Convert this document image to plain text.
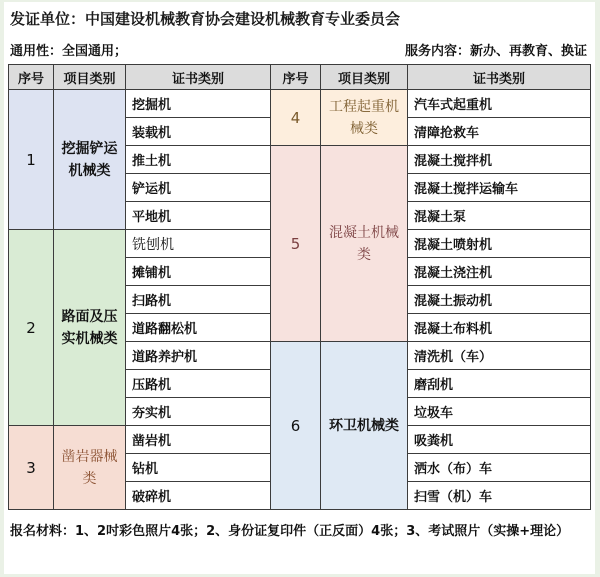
发证单位：中国建设机械教育协会建设机械教育专业委员会
通用性：全国通用；	服务内容：新办、再教育、换证
序号	项目类别	证书类别	序号	项目类别	证书类别
1	挖掘铲运机械类	挖掘机	4	工程起重机械类	汽车式起重机
		装载机			清障抢救车
		推土机	5	混凝土机械类	混凝土搅拌机
		铲运机			混凝土搅拌运输车
		平地机			混凝土泵
2	路面及压实机械类	铣刨机			混凝土喷射机
		摊铺机			混凝土浇注机
		扫路机			混凝土振动机
		道路翻松机			混凝土布料机
		道路养护机	6	环卫机械类	清洗机（车）
		压路机			磨刮机
		夯实机			垃圾车
3	凿岩器械类	凿岩机			吸粪机
		钻机			洒水（布）车
		破碎机			扫雪（机）车
报名材料：1、2吋彩色照片4张；2、身份证复印件（正反面）4张；3、考试照片（实操+理论）
